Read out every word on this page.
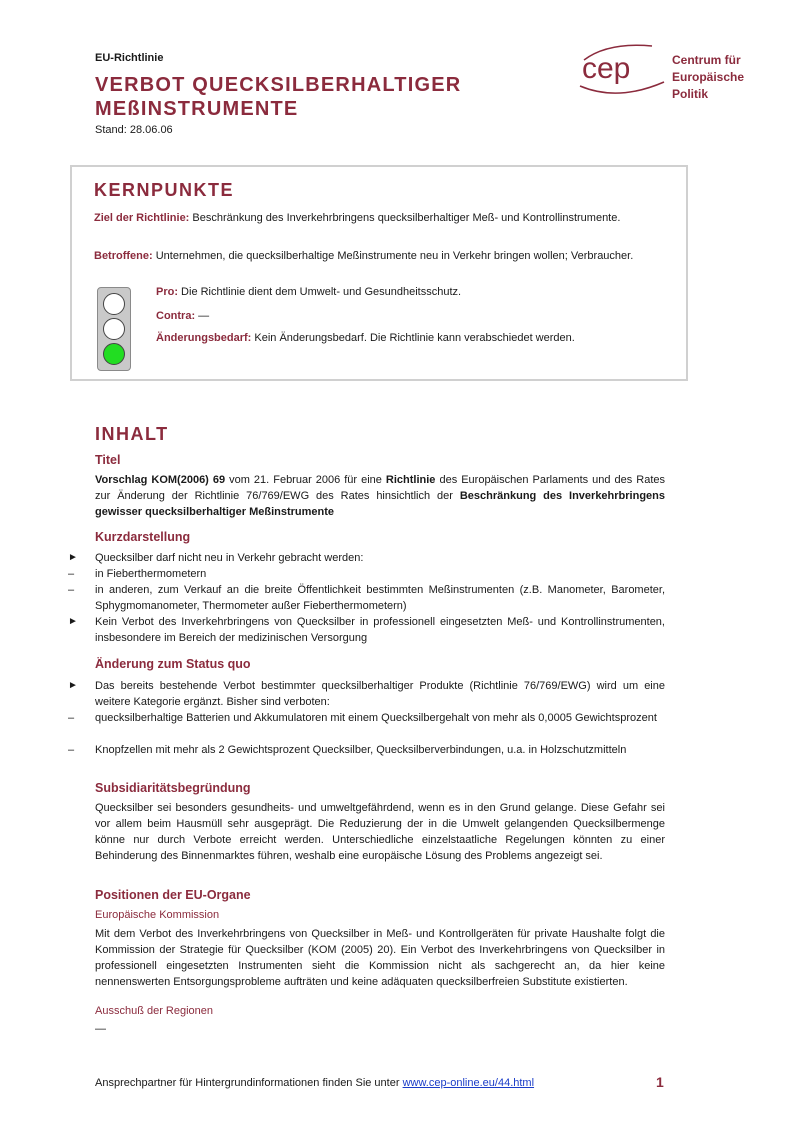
EU-Richtlinie
VERBOT QUECKSILBERHALTIGER MEßINSTRUMENTE
Stand: 28.06.06
cep	Centrum für
Europäische
Politik
KERNPUNKTE
Ziel der Richtlinie: Beschränkung des Inverkehrbringens quecksilberhaltiger Meß- und Kontrollinstrumente.
Betroffene: Unternehmen, die quecksilberhaltige Meßinstrumente neu in Verkehr bringen wollen; Verbraucher.
Pro: Die Richtlinie dient dem Umwelt- und Gesundheitsschutz.
Contra: —
Änderungsbedarf: Kein Änderungsbedarf. Die Richtlinie kann verabschiedet werden.
INHALT
Titel
Vorschlag KOM(2006) 69 vom 21. Februar 2006 für eine Richtlinie des Europäischen Parlaments und des Rates zur Änderung der Richtlinie 76/769/EWG des Rates hinsichtlich der Beschränkung des Inverkehrbringens gewisser quecksilberhaltiger Meßinstrumente
Kurzdarstellung
► Quecksilber darf nicht neu in Verkehr gebracht werden:
– in Fieberthermometern
– in anderen, zum Verkauf an die breite Öffentlichkeit bestimmten Meßinstrumenten (z.B. Manometer, Barometer, Sphygmomanometer, Thermometer außer Fieberthermometern)
► Kein Verbot des Inverkehrbringens von Quecksilber in professionell eingesetzten Meß- und Kontrollinstrumenten, insbesondere im Bereich der medizinischen Versorgung
Änderung zum Status quo
► Das bereits bestehende Verbot bestimmter quecksilberhaltiger Produkte (Richtlinie 76/769/EWG) wird um eine weitere Kategorie ergänzt. Bisher sind verboten:
– quecksilberhaltige Batterien und Akkumulatoren mit einem Quecksilbergehalt von mehr als 0,0005 Gewichtsprozent
– Knopfzellen mit mehr als 2 Gewichtsprozent Quecksilber, Quecksilberverbindungen, u.a. in Holzschutzmitteln
Subsidiaritätsbegründung
Quecksilber sei besonders gesundheits- und umweltgefährdend, wenn es in den Grund gelange. Diese Gefahr sei vor allem beim Hausmüll sehr ausgeprägt. Die Reduzierung der in die Umwelt gelangenden Quecksilbermenge könne nur durch Verbote erreicht werden. Unterschiedliche einzelstaatliche Regelungen könnten zu einer Behinderung des Binnenmarktes führen, weshalb eine europäische Lösung des Problems angezeigt sei.
Positionen der EU-Organe
Europäische Kommission
Mit dem Verbot des Inverkehrbringens von Quecksilber in Meß- und Kontrollgeräten für private Haushalte folgt die Kommission der Strategie für Quecksilber (KOM (2005) 20). Ein Verbot des Inverkehrbringens von Quecksilber in professionell eingesetzten Instrumenten sieht die Kommission nicht als sachgerecht an, da hier keine nennenswerten Entsorgungsprobleme aufträten und keine adäquaten quecksilberfreien Substitute existierten.
Ausschuß der Regionen
—
Ansprechpartner für Hintergrundinformationen finden Sie unter www.cep-online.eu/44.html	1
